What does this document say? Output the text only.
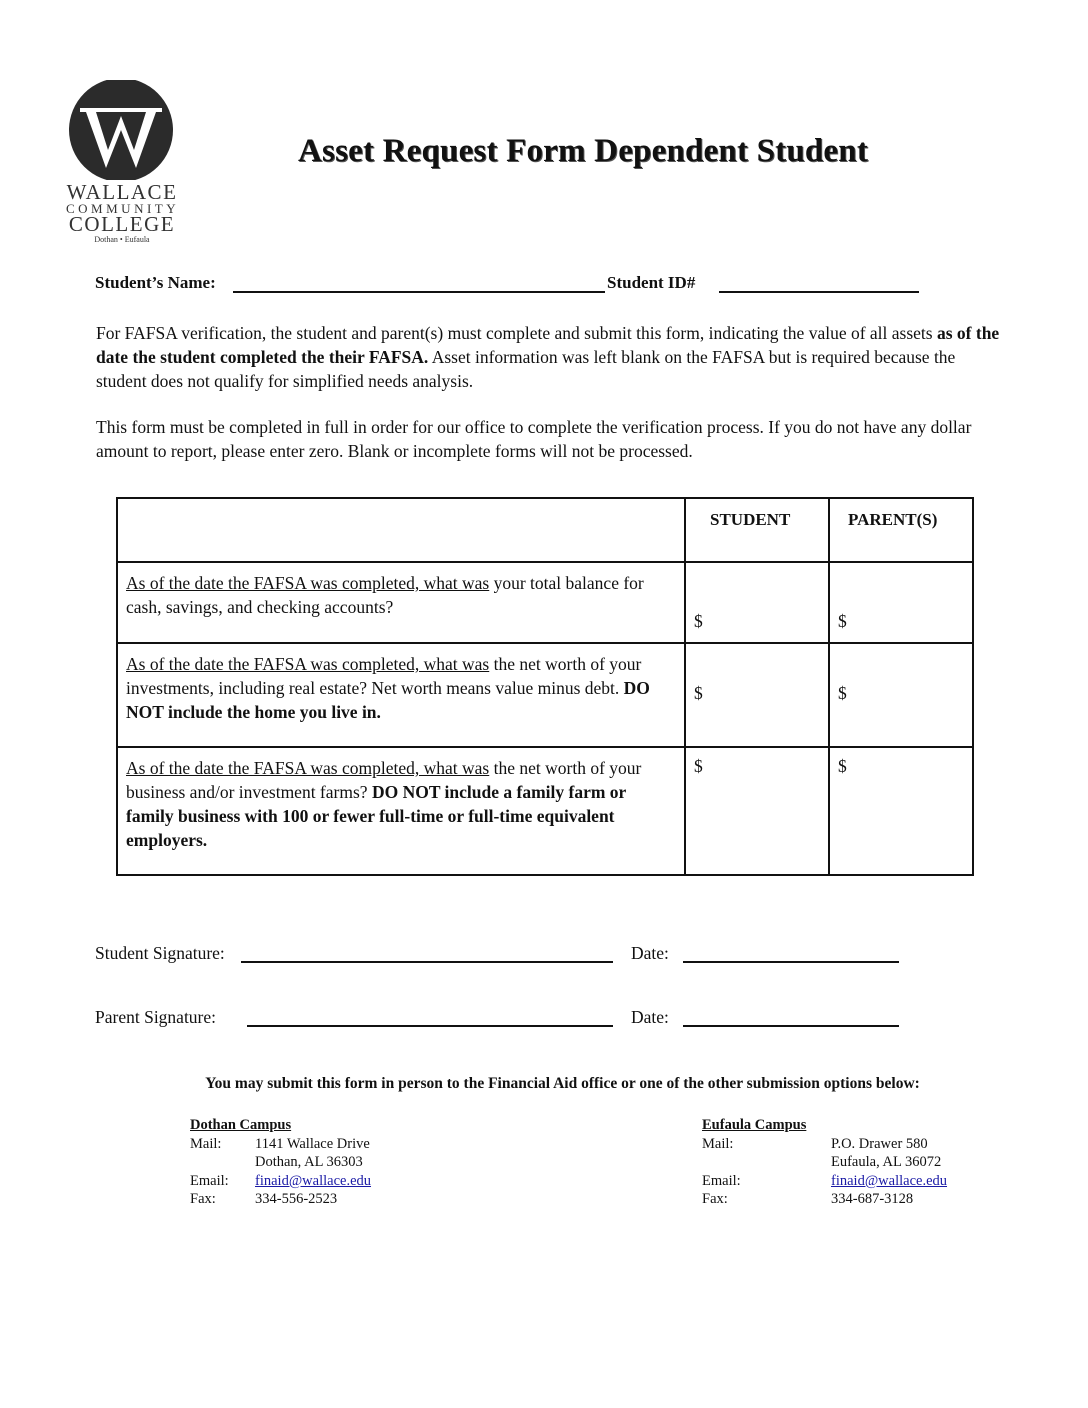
WALLACE
COMMUNITY
COLLEGE
Dothan • Eufaula
Asset Request Form Dependent Student
Student’s Name:	Student ID#
For FAFSA verification, the student and parent(s) must complete and submit this form, indicating the value of all assets as of the date the student completed the their FAFSA. Asset information was left blank on the FAFSA but is required because the student does not qualify for simplified needs analysis.
This form must be completed in full in order for our office to complete the verification process. If you do not have any dollar amount to report, please enter zero. Blank or incomplete forms will not be processed.
STUDENT	PARENT(S)
As of the date the FAFSA was completed, what was your total balance for cash, savings, and checking accounts?
$	$
As of the date the FAFSA was completed, what was the net worth of your investments, including real estate? Net worth means value minus debt. DO NOT include the home you live in.
$	$
As of the date the FAFSA was completed, what was the net worth of your business and/or investment farms? DO NOT include a family farm or family business with 100 or fewer full-time or full-time equivalent employers.
$	$
Student Signature:	Date:
Parent Signature:	Date:
You may submit this form in person to the Financial Aid office or one of the other submission options below:
Dothan Campus
Mail: 1141 Wallace Drive
Dothan, AL 36303
Email: finaid@wallace.edu
Fax:	334-556-2523
Eufaula Campus
Mail:	P.O. Drawer 580
Eufaula, AL 36072
Email:	finaid@wallace.edu
Fax:	334-687-3128
